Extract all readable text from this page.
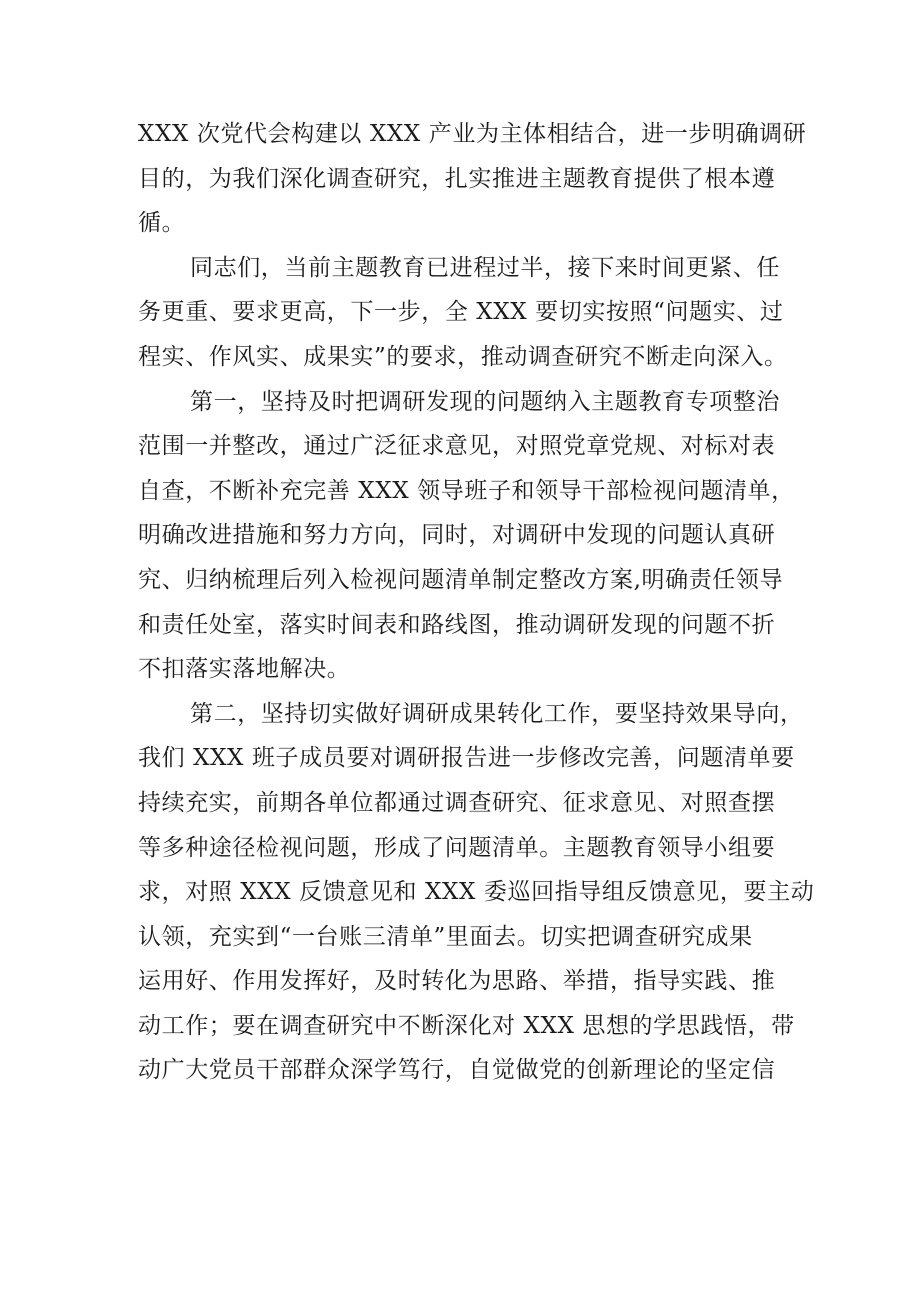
XXX 次党代会构建以 XXX 产业为主体相结合，进一步明确调研
目的，为我们深化调查研究，扎实推进主题教育提供了根本遵
循。
同志们，当前主题教育已进程过半，接下来时间更紧、任
务更重、要求更高，下一步，全 XXX 要切实按照“问题实、过
程实、作风实、成果实”的要求，推动调查研究不断走向深入。
第一，坚持及时把调研发现的问题纳入主题教育专项整治
范围一并整改，通过广泛征求意见，对照党章党规、对标对表
自查，不断补充完善 XXX 领导班子和领导干部检视问题清单，
明确改进措施和努力方向，同时，对调研中发现的问题认真研
究、归纳梳理后列入检视问题清单制定整改方案,明确责任领导
和责任处室，落实时间表和路线图，推动调研发现的问题不折
不扣落实落地解决。
第二，坚持切实做好调研成果转化工作，要坚持效果导向，
我们 XXX 班子成员要对调研报告进一步修改完善，问题清单要
持续充实，前期各单位都通过调查研究、征求意见、对照查摆
等多种途径检视问题，形成了问题清单。主题教育领导小组要
求，对照 XXX 反馈意见和 XXX 委巡回指导组反馈意见，要主动
认领，充实到“一台账三清单”里面去。切实把调查研究成果
运用好、作用发挥好，及时转化为思路、举措，指导实践、推
动工作；要在调查研究中不断深化对 XXX 思想的学思践悟，带
动广大党员干部群众深学笃行，自觉做党的创新理论的坚定信
